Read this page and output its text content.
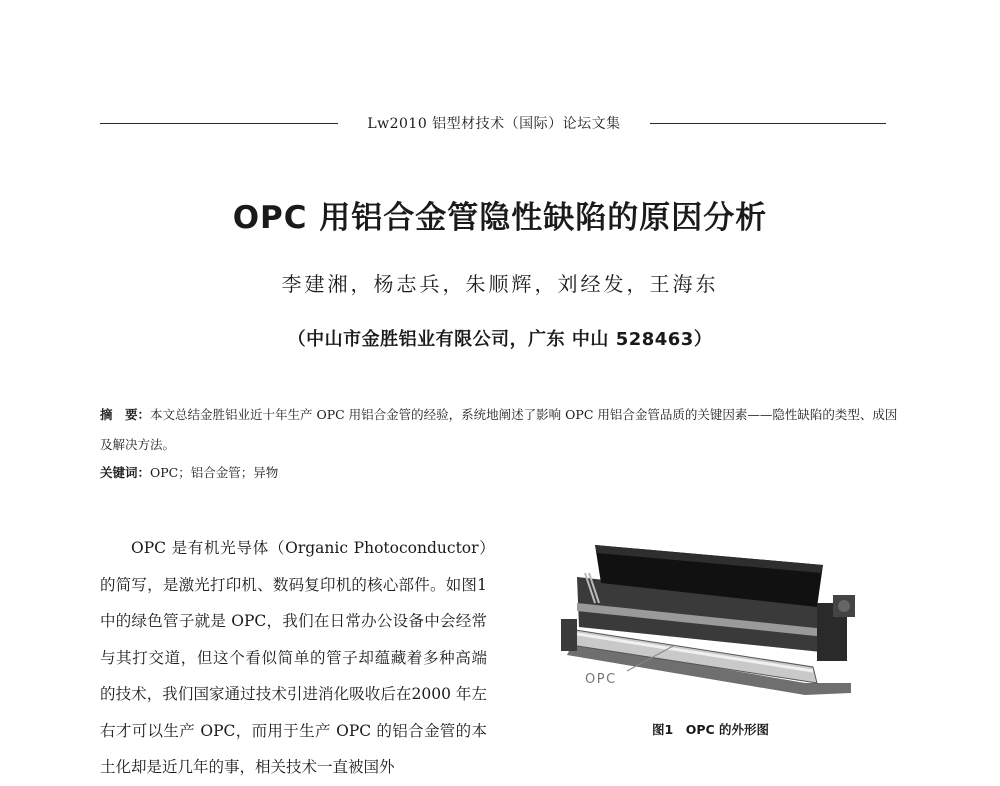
Lw2010 铝型材技术（国际）论坛文集
OPC 用铝合金管隐性缺陷的原因分析
李建湘，杨志兵，朱顺辉，刘经发，王海东
（中山市金胜铝业有限公司，广东 中山 528463）
摘　要：本文总结金胜铝业近十年生产 OPC 用铝合金管的经验，系统地阐述了影响 OPC 用铝合金管品质的关键因素——隐性缺陷的类型、成因及解决方法。
关键词：OPC；铝合金管；异物
OPC 是有机光导体（Organic Photoconductor）的简写，是激光打印机、数码复印机的核心部件。如图1 中的绿色管子就是 OPC，我们在日常办公设备中会经常与其打交道，但这个看似简单的管子却蕴藏着多种高端的技术，我们国家通过技术引进消化吸收后在2000 年左右才可以生产 OPC，而用于生产 OPC 的铝合金管的本土化却是近几年的事，相关技术一直被国外
OPC
图1　OPC 的外形图
